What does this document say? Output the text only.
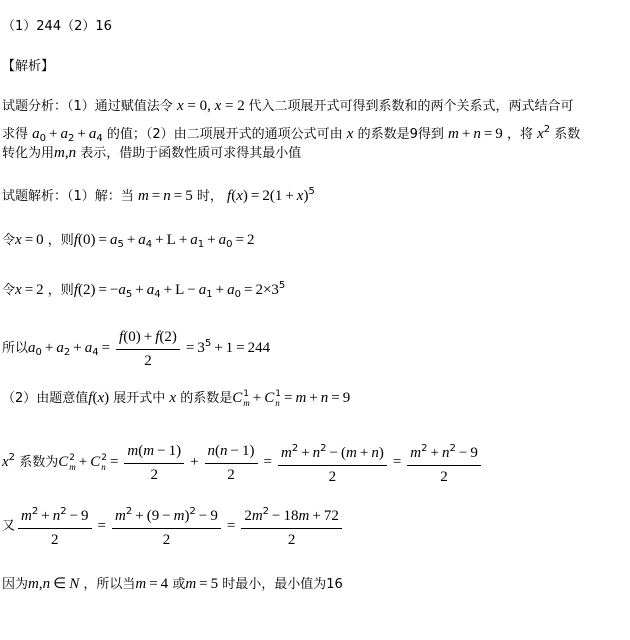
（1）244（2）16
【解析】
试题分析：（1）通过赋值法令 x = 0, x = 2 代入二项展开式可得到系数和的两个关系式，两式结合可
求得 $a_0 + a_2 + a_4$ 的值；（2）由二项展开式的通项公式可由 x 的系数是9得到 m + n = 9 ，将 $x^2$ 系数
转化为用m,n 表示，借助于函数性质可求得其最小值
试题解析：（1）解：当 m = n = 5 时， $f(x) = 2(1 + x)^5$
令x = 0 ，则$f(0) = a_5 + a_4 + L + a_1 + a_0 = 2$
令x = 2 ，则$f(2) = -a_5 + a_4 + L - a_1 + a_0 = 2\times 3^5$
所以$a_0 + a_2 + a_4 = \frac{f(0) + f(2)}{2} = 3^5 + 1 = 244$
（2）由题意值f(x) 展开式中 x 的系数是C 1
m + C 1
n = m + n = 9
$x^2$ 系数为C 2
m + C 2
$n = \frac{m(m - 1)}{2} + \frac{n(n - 1)}{2} = \frac{m^2 + n^2 - (m + n)}{2} = \frac{m^2 + n^2 - 9}{2}$
又 $\frac{m^2 + n^2 - 9}{2} = \frac{m^2 + (9 - m)^2 - 9}{2} = \frac{2m^2 - 18m + 72}{2}$
因为m,n ∈ N ，所以当m = 4 或m = 5 时最小，最小值为16
